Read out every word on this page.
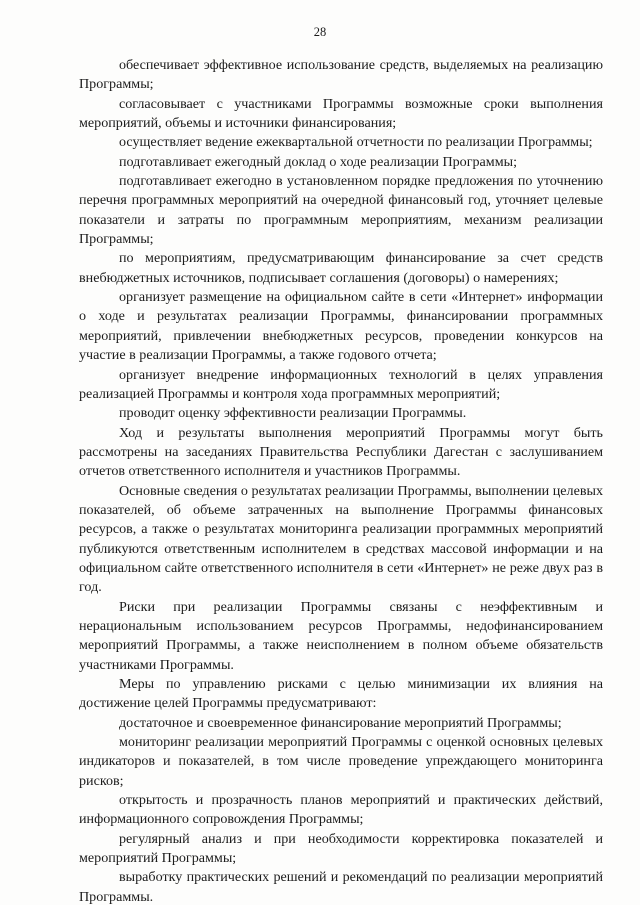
28

обеспечивает эффективное использование средств, выделяемых на реализацию Программы;

согласовывает с участниками Программы возможные сроки выполнения мероприятий, объемы и источники финансирования;

осуществляет ведение ежеквартальной отчетности по реализации Программы;

подготавливает ежегодный доклад о ходе реализации Программы;

подготавливает ежегодно в установленном порядке предложения по уточнению перечня программных мероприятий на очередной финансовый год, уточняет целевые показатели и затраты по программным мероприятиям, механизм реализации Программы;

по мероприятиям, предусматривающим финансирование за счет средств внебюджетных источников, подписывает соглашения (договоры) о намерениях;

организует размещение на официальном сайте в сети «Интернет» информации о ходе и результатах реализации Программы, финансировании программных мероприятий, привлечении внебюджетных ресурсов, проведении конкурсов на участие в реализации Программы, а также годового отчета;

организует внедрение информационных технологий в целях управления реализацией Программы и контроля хода программных мероприятий;

проводит оценку эффективности реализации Программы.

Ход и результаты выполнения мероприятий Программы могут быть рассмотрены на заседаниях Правительства Республики Дагестан с заслушиванием отчетов ответственного исполнителя и участников Программы.

Основные сведения о результатах реализации Программы, выполнении целевых показателей, об объеме затраченных на выполнение Программы финансовых ресурсов, а также о результатах мониторинга реализации программных мероприятий публикуются ответственным исполнителем в средствах массовой информации и на официальном сайте ответственного исполнителя в сети «Интернет» не реже двух раз в год.

Риски при реализации Программы связаны с неэффективным и нерациональным использованием ресурсов Программы, недофинансированием мероприятий Программы, а также неисполнением в полном объеме обязательств участниками Программы.

Меры по управлению рисками с целью минимизации их влияния на достижение целей Программы предусматривают:

достаточное и своевременное финансирование мероприятий Программы;

мониторинг реализации мероприятий Программы с оценкой основных целевых индикаторов и показателей, в том числе проведение упреждающего мониторинга рисков;

открытость и прозрачность планов мероприятий и практических действий, информационного сопровождения Программы;

регулярный анализ и при необходимости корректировка показателей и мероприятий Программы;

выработку практических решений и рекомендаций по реализации мероприятий Программы.
